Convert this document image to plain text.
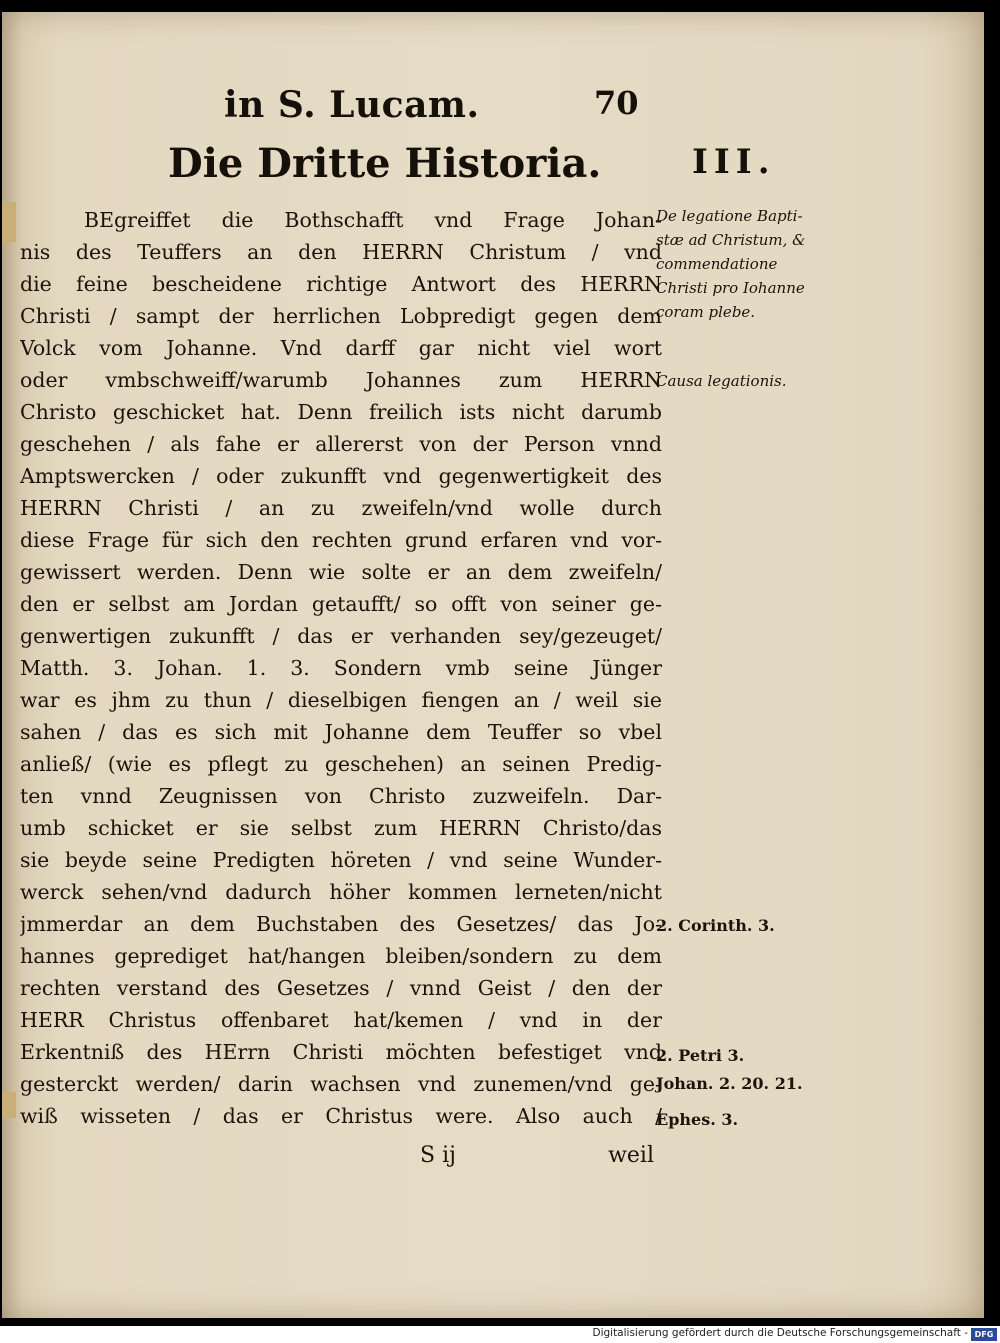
in S. Lucam.	70
Die Dritte Historia.	III.
BEgreiffet die Bothschafft vnd Frage Johan-
nis des Teuffers an den HERRN Christum / vnd
die feine bescheidene richtige Antwort des HERRN
Christi / sampt der herrlichen Lobpredigt gegen dem
Volck vom Johanne. Vnd darff gar nicht viel wort
oder vmbschweiff/warumb Johannes zum HERRN
Christo geschicket hat. Denn freilich ists nicht darumb
geschehen / als fahe er allererst von der Person vnnd
Amptswercken / oder zukunfft vnd gegenwertigkeit des
HERRN Christi / an zu zweifeln/vnd wolle durch
diese Frage für sich den rechten grund erfaren vnd vor-
gewissert werden. Denn wie solte er an dem zweifeln/
den er selbst am Jordan getaufft/ so offt von seiner ge-
genwertigen zukunfft / das er verhanden sey/gezeuget/
Matth. 3. Johan. 1. 3. Sondern vmb seine Jünger
war es jhm zu thun / dieselbigen fiengen an / weil sie
sahen / das es sich mit Johanne dem Teuffer so vbel
anließ/ (wie es pflegt zu geschehen) an seinen Predig-
ten vnnd Zeugnissen von Christo zuzweifeln. Dar-
umb schicket er sie selbst zum HERRN Christo/das
sie beyde seine Predigten höreten / vnd seine Wunder-
werck sehen/vnd dadurch höher kommen lerneten/nicht
jmmerdar an dem Buchstaben des Gesetzes/ das Jo-
hannes geprediget hat/hangen bleiben/sondern zu dem
rechten verstand des Gesetzes / vnnd Geist / den der
HERR Christus offenbaret hat/kemen / vnd in der
Erkentniß des HErrn Christi möchten befestiget vnd
gesterckt werden/ darin wachsen vnd zunemen/vnd ge-
wiß wisseten / das er Christus were. Also auch /
S ij	weil
De legatione Bapti-
stæ ad Christum, &
commendatione
Christi pro Iohanne
coram plebe.
Causa legationis.
2. Corinth. 3.
2. Petri 3.
Johan. 2. 20. 21.
Ephes. 3.
Digitalisierung gefördert durch die Deutsche Forschungsgemeinschaft - DFG
